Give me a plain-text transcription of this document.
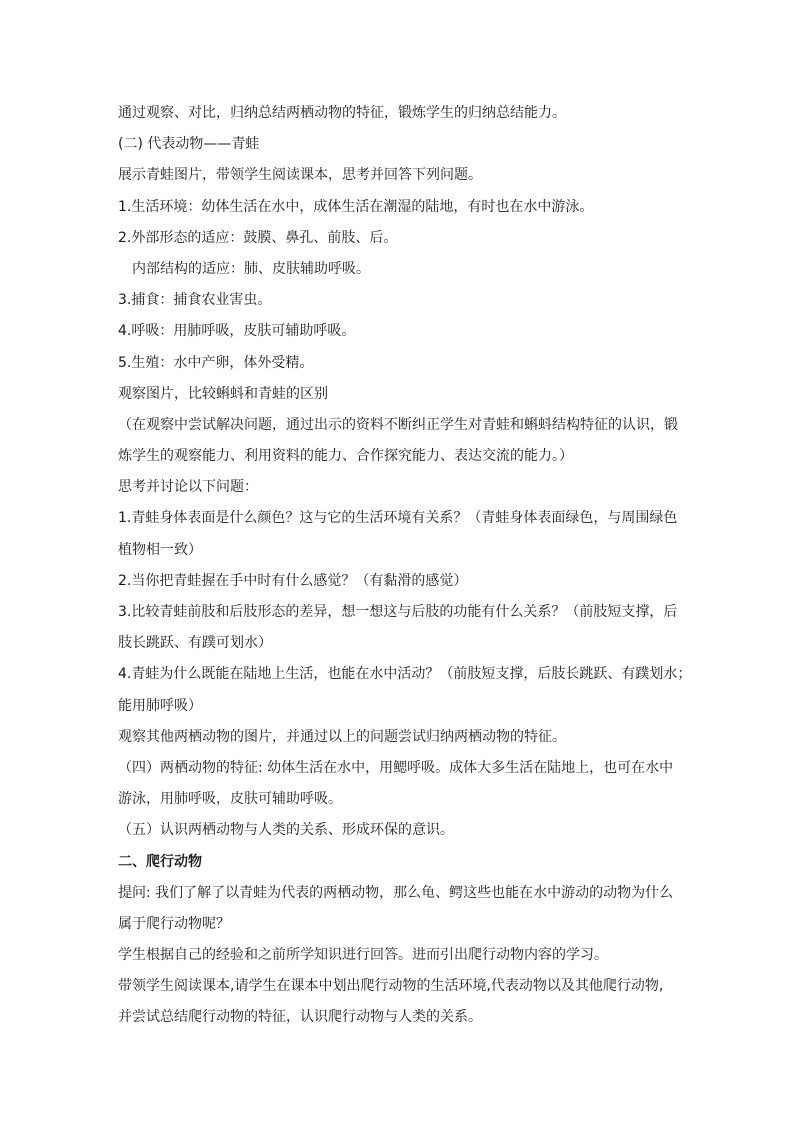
通过观察、对比，归纳总结两栖动物的特征，锻炼学生的归纳总结能力。
(二) 代表动物——青蛙
展示青蛙图片，带领学生阅读课本，思考并回答下列问题。
1.生活环境：幼体生活在水中，成体生活在潮湿的陆地，有时也在水中游泳。
2.外部形态的适应：鼓膜、鼻孔、前肢、后。
内部结构的适应：肺、皮肤辅助呼吸。
3.捕食：捕食农业害虫。
4.呼吸：用肺呼吸，皮肤可辅助呼吸。
5.生殖：水中产卵，体外受精。
观察图片，比较蝌蚪和青蛙的区别
（在观察中尝试解决问题，通过出示的资料不断纠正学生对青蛙和蝌蚪结构特征的认识，锻
炼学生的观察能力、利用资料的能力、合作探究能力、表达交流的能力。）
思考并讨论以下问题：
1.青蛙身体表面是什么颜色？这与它的生活环境有关系？（青蛙身体表面绿色，与周围绿色
植物相一致）
2.当你把青蛙握在手中时有什么感觉？（有黏滑的感觉）
3.比较青蛙前肢和后肢形态的差异，想一想这与后肢的功能有什么关系？（前肢短支撑，后
肢长跳跃、有蹼可划水）
4.青蛙为什么既能在陆地上生活，也能在水中活动？（前肢短支撑，后肢长跳跃、有蹼划水；
能用肺呼吸）
观察其他两栖动物的图片，并通过以上的问题尝试归纳两栖动物的特征。
（四）两栖动物的特征: 幼体生活在水中，用鳃呼吸。成体大多生活在陆地上，也可在水中
游泳，用肺呼吸，皮肤可辅助呼吸。
（五）认识两栖动物与人类的关系、形成环保的意识。
二、爬行动物
提问: 我们了解了以青蛙为代表的两栖动物，那么龟、鳄这些也能在水中游动的动物为什么
属于爬行动物呢？
学生根据自己的经验和之前所学知识进行回答。进而引出爬行动物内容的学习。
带领学生阅读课本,请学生在课本中划出爬行动物的生活环境,代表动物以及其他爬行动物,
并尝试总结爬行动物的特征，认识爬行动物与人类的关系。
